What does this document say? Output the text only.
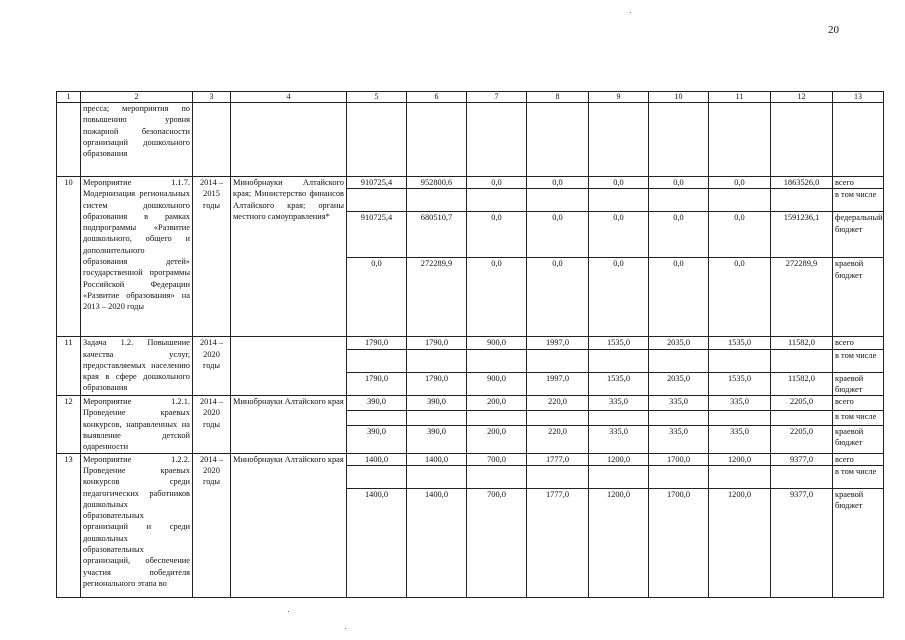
20
1	2	3	4	5	6	7	8	9	10	11	12	13
	пресса; мероприятия по повышению уровня пожарной безопасности организаций дошкольного образования											
10	Мероприятие 1.1.7. Модернизация региональных систем дошкольного образования в рамках подпрограммы «Развитие дошкольного, общего и дополнительного образования детей» государственной программы Российской Федерации «Развитие образования» на 2013 – 2020 годы	2014 – 2015 годы	Минобрнауки Алтайского края; Министерство финансов Алтайского края; органы местного самоуправления*	910725,4	952800,6	0,0	0,0	0,0	0,0	0,0	1863526,0	всего
												в том числе
				910725,4	680510,7	0,0	0,0	0,0	0,0	0,0	1591236,1	федеральный бюджет
				0,0	272289,9	0,0	0,0	0,0	0,0	0,0	272289,9	краевой бюджет
11	Задача 1.2. Повышение качества услуг, предоставляемых населению края в сфере дошкольного образования	2014 – 2020 годы		1790,0	1790,0	900,0	1997,0	1535,0	2035,0	1535,0	11582,0	всего
												в том числе
				1790,0	1790,0	900,0	1997,0	1535,0	2035,0	1535,0	11582,0	краевой бюджет
12	Мероприятие 1.2.1. Проведение краевых конкурсов, направленных на выявление детской одаренности	2014 – 2020 годы	Минобрнауки Алтайского края	390,0	390,0	200,0	220,0	335,0	335,0	335,0	2205,0	всего
												в том числе
				390,0	390,0	200,0	220,0	335,0	335,0	335,0	2205,0	краевой бюджет
13	Мероприятие 1.2.2. Проведение краевых конкурсов среди педагогических работников дошкольных образовательных организаций и среди дошкольных образовательных организаций, обеспечение участия победителя регионального этапа во	2014 – 2020 годы	Минобрнауки Алтайского края	1400,0	1400,0	700,0	1777,0	1200,0	1700,0	1200,0	9377,0	всего
												в том числе
				1400,0	1400,0	700,0	1777,0	1200,0	1700,0	1200,0	9377,0	краевой бюджет
